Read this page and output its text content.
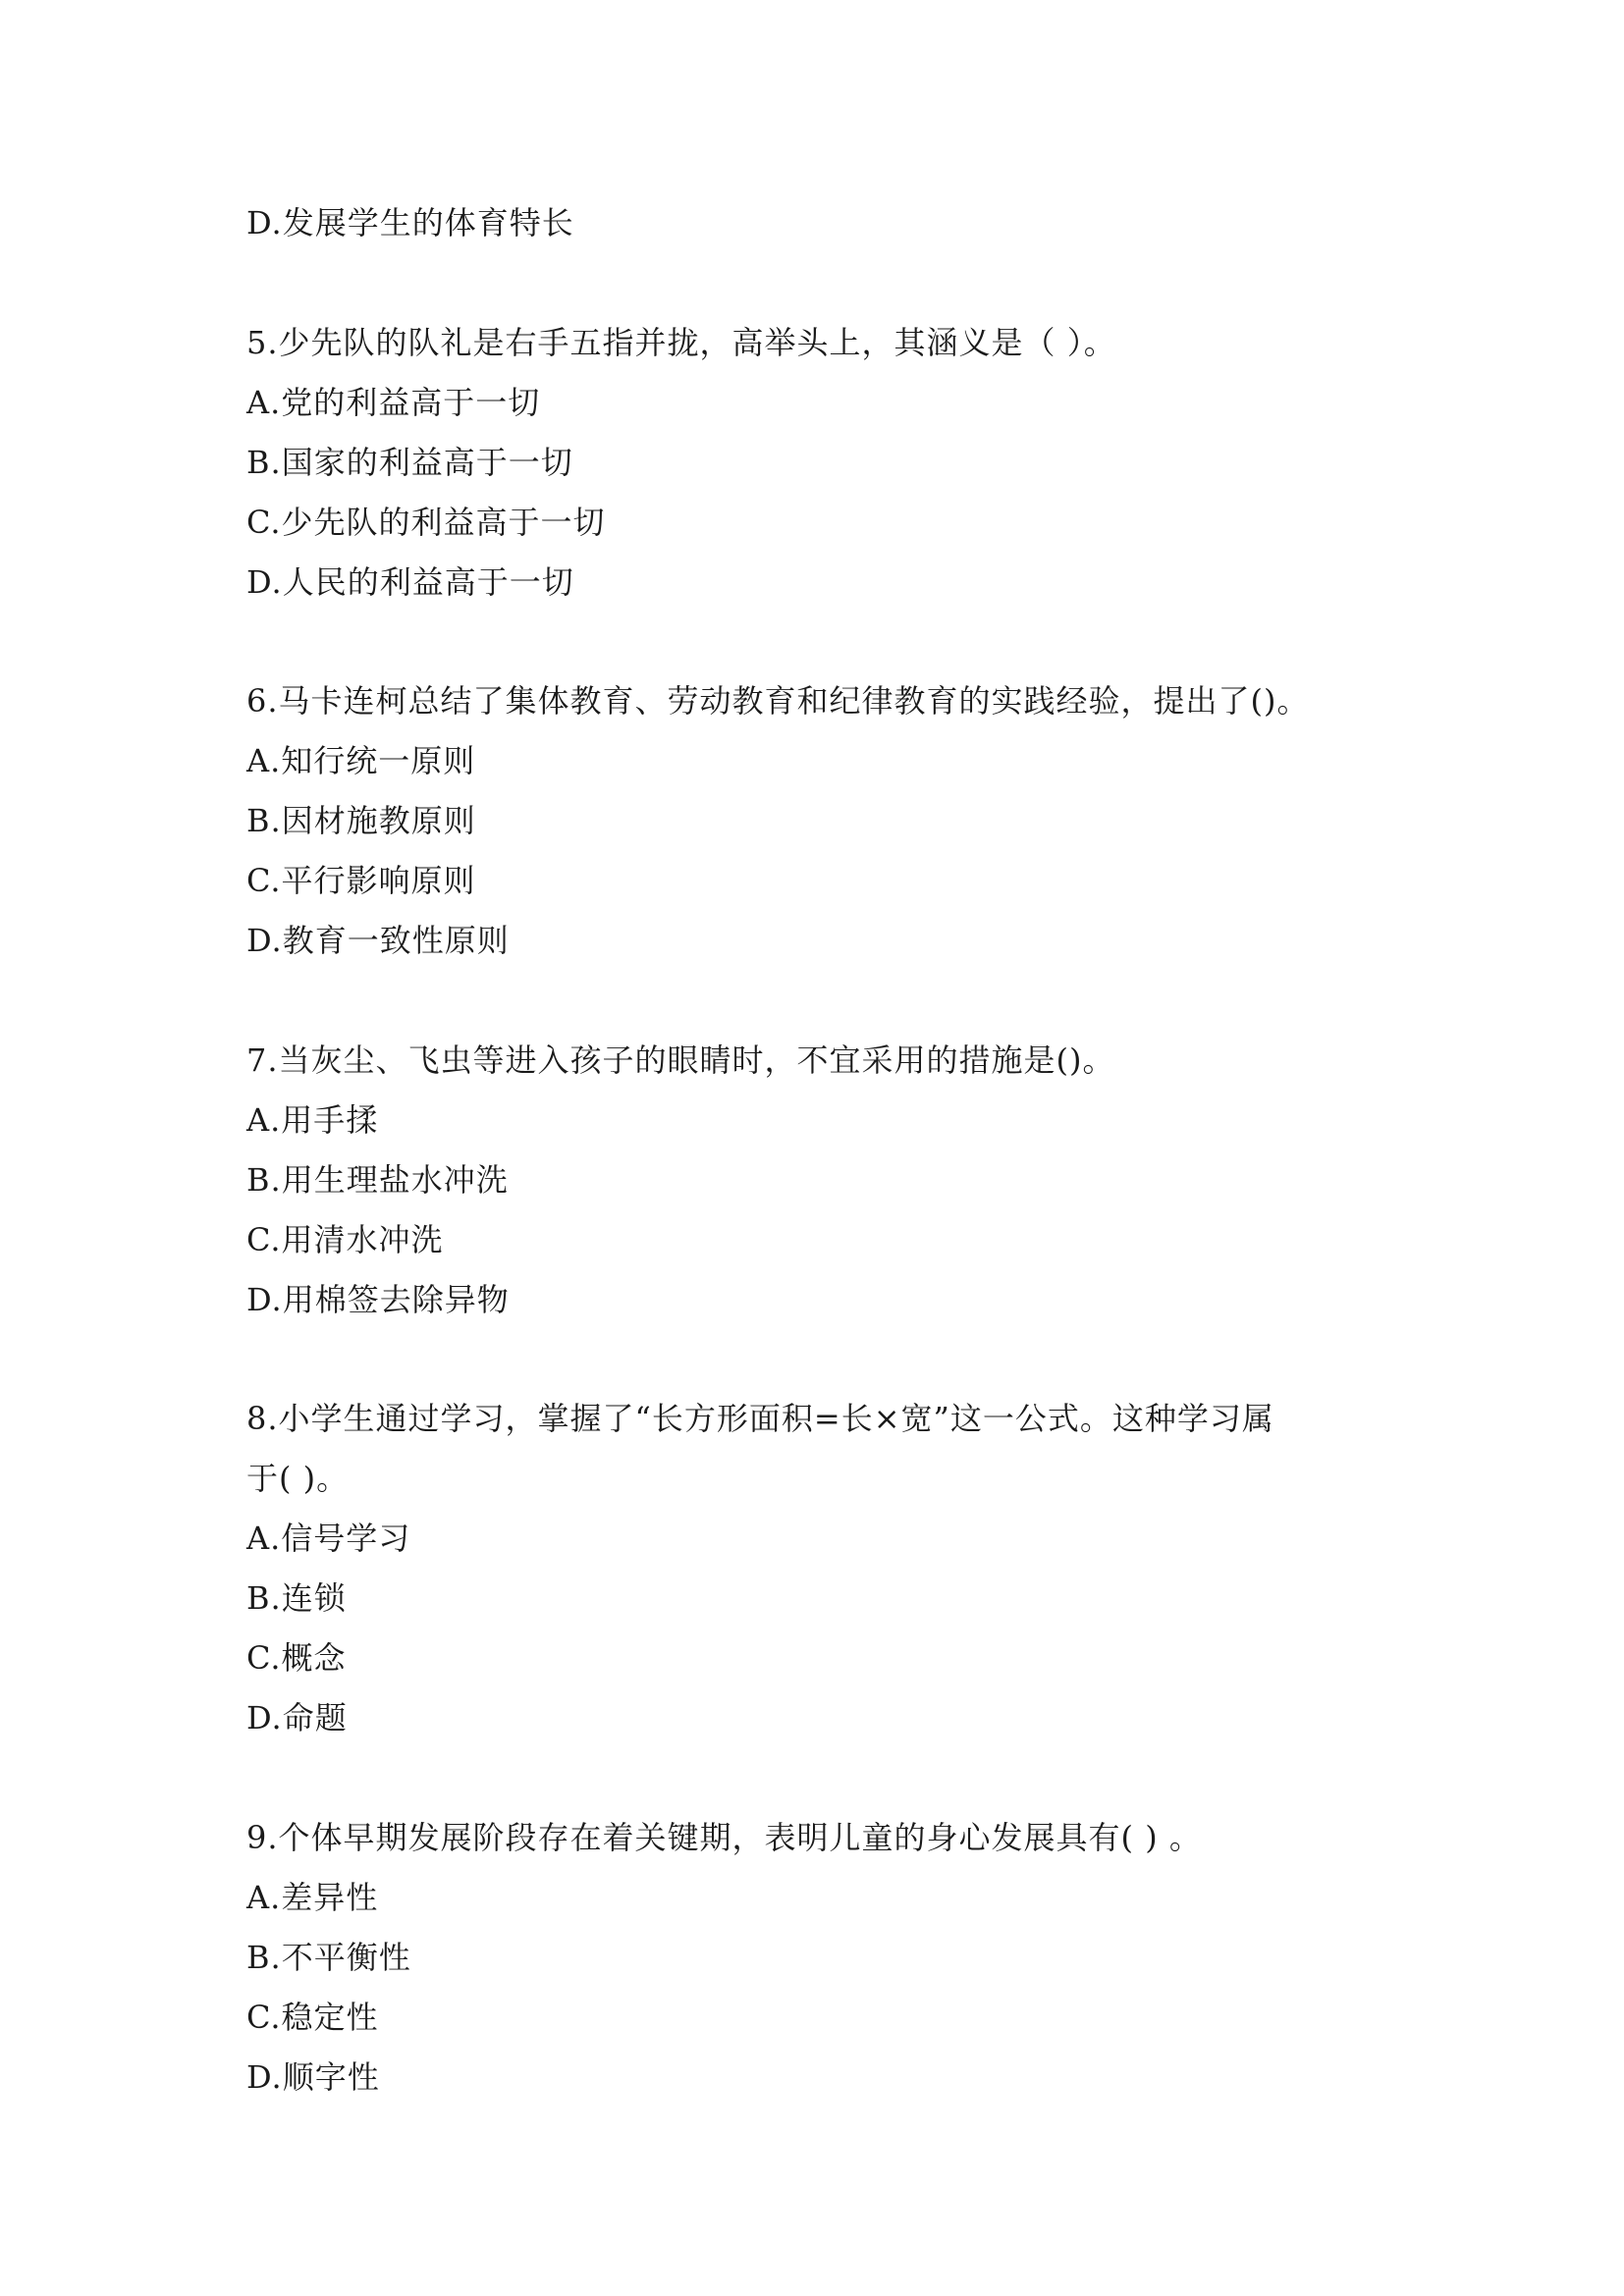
D.发展学生的体育特长
5.少先队的队礼是右手五指并拢，高举头上，其涵义是（ ）。
A.党的利益高于一切
B.国家的利益高于一切
C.少先队的利益高于一切
D.人民的利益高于一切
6.马卡连柯总结了集体教育、劳动教育和纪律教育的实践经验，提出了()。
A.知行统一原则
B.因材施教原则
C.平行影响原则
D.教育一致性原则
7.当灰尘、飞虫等进入孩子的眼睛时，不宜采用的措施是()。
A.用手揉
B.用生理盐水冲洗
C.用清水冲洗
D.用棉签去除异物
8.小学生通过学习，掌握了“长方形面积=长×宽”这一公式。这种学习属
于( )。
A.信号学习
B.连锁
C.概念
D.命题
9.个体早期发展阶段存在着关键期，表明儿童的身心发展具有( ) 。
A.差异性
B.不平衡性
C.稳定性
D.顺字性
